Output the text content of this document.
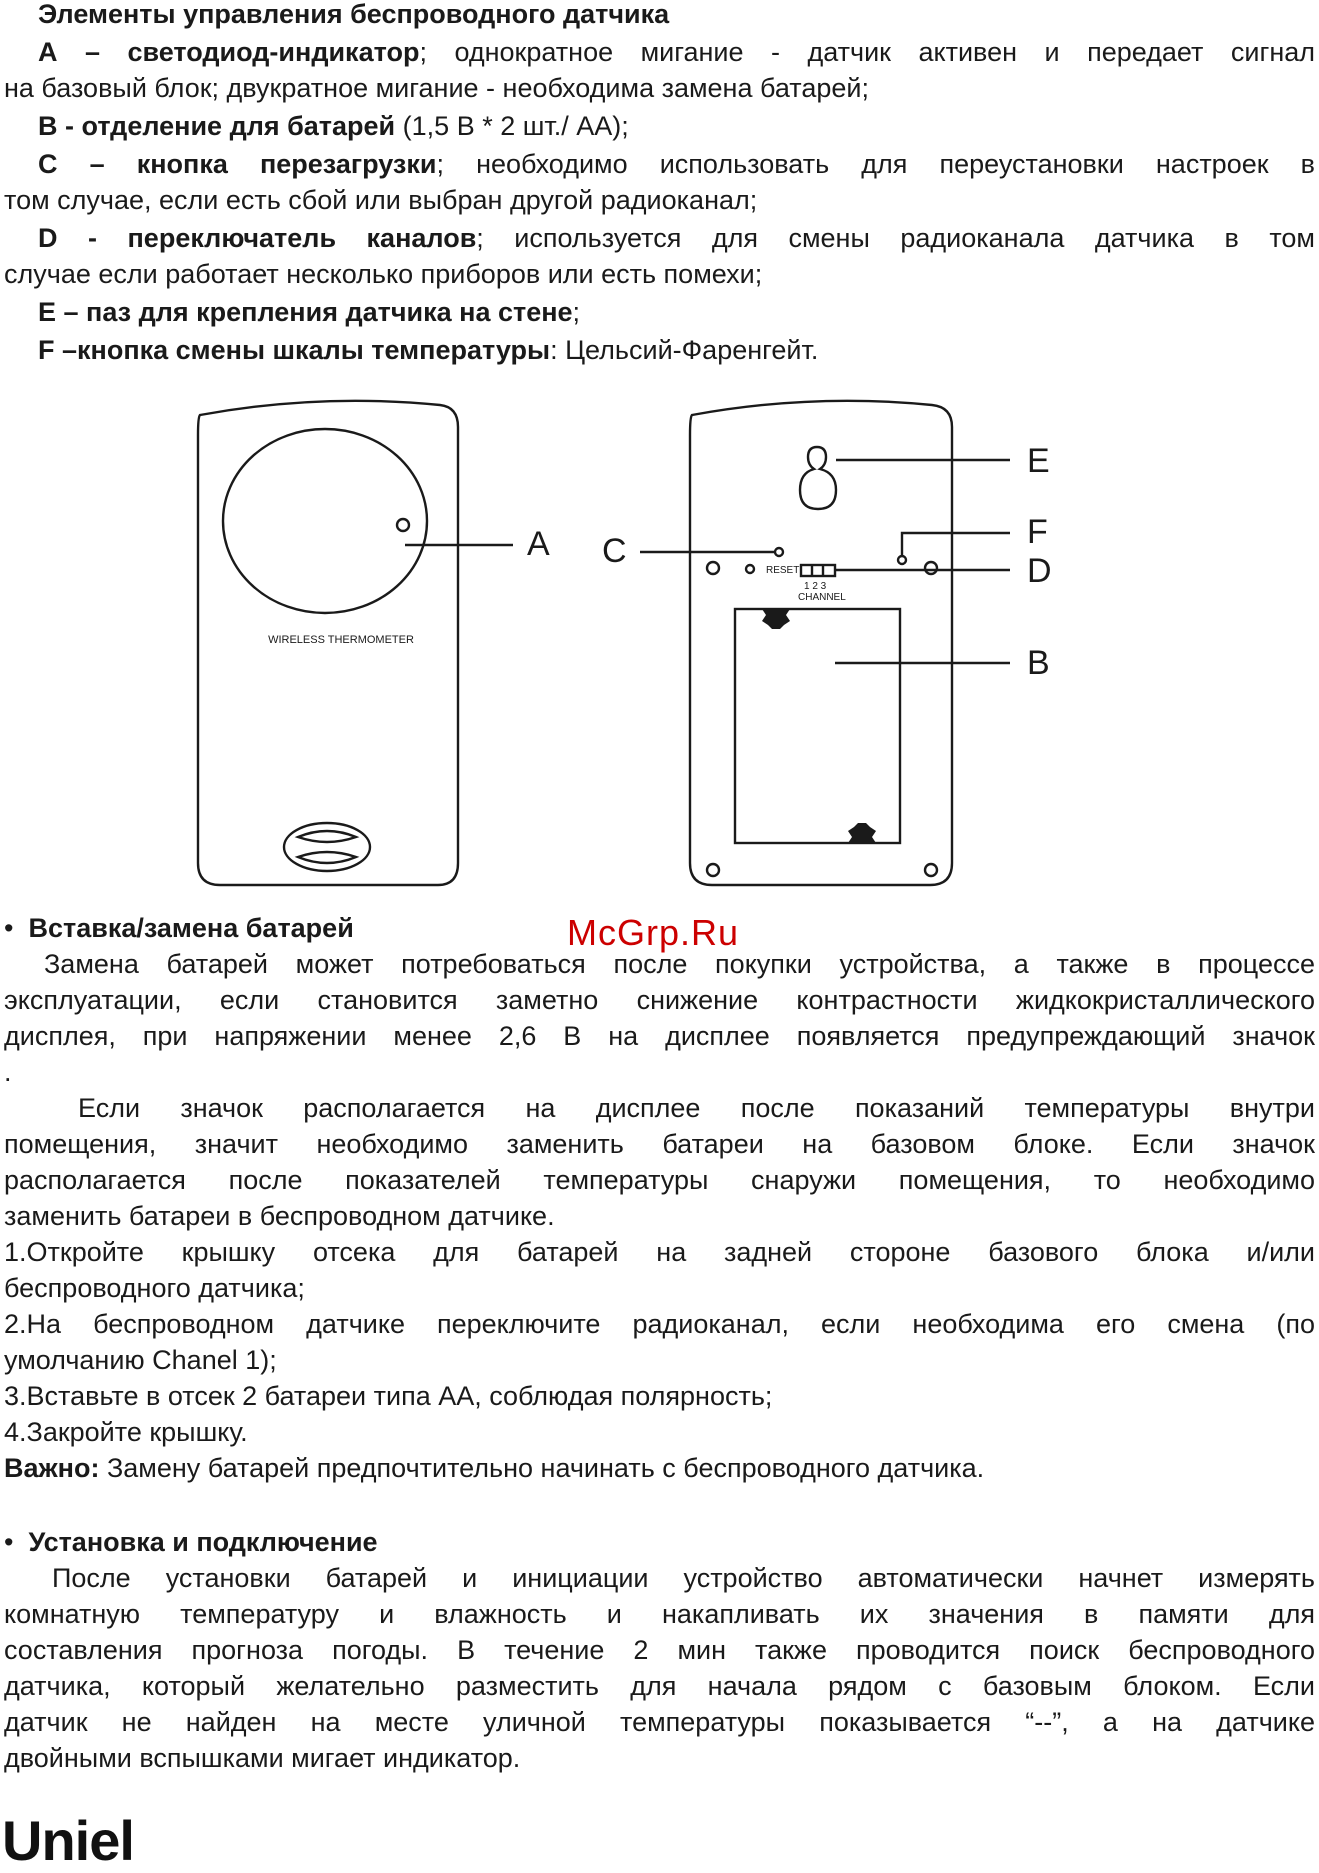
Элементы управления беспроводного датчика
А – светодиод-индикатор; однократное мигание - датчик активен и передает сигнал
на базовый блок; двукратное мигание - необходима замена батарей;
В - отделение для батарей (1,5 В * 2 шт./ АА);
С – кнопка перезагрузки; необходимо использовать для переустановки настроек в
том случае, если есть сбой или выбран другой радиоканал;
D - переключатель каналов; используется для смены радиоканала датчика в том
случае если работает несколько приборов или есть помехи;
Е – паз для крепления датчика на стене;
F –кнопка смены шкалы температуры: Цельсий-Фаренгейт.
WIRELESS THERMOMETER
RESET
1 2 3
CHANNEL
A C
E
F
D
B
McGrp.Ru
• Вставка/замена батарей
Замена батарей может потребоваться после покупки устройства, а также в процессе
эксплуатации, если становится заметно снижение контрастности жидкокристаллического
дисплея, при напряжении менее 2,6 В на дисплее появляется предупреждающий значок
.
Если значок располагается на дисплее после показаний температуры внутри
помещения, значит необходимо заменить батареи на базовом блоке. Если значок
располагается после показателей температуры снаружи помещения, то необходимо
заменить батареи в беспроводном датчике.
1.Откройте крышку отсека для батарей на задней стороне базового блока и/или
беспроводного датчика;
2.На беспроводном датчике переключите радиоканал, если необходима его смена (по
умолчанию Chanel 1);
3.Вставьте в отсек 2 батареи типа АА, соблюдая полярность;
4.Закройте крышку.
Важно: Замену батарей предпочтительно начинать с беспроводного датчика.
• Установка и подключение
После установки батарей и инициации устройство автоматически начнет измерять
комнатную температуру и влажность и накапливать их значения в памяти для
составления прогноза погоды. В течение 2 мин также проводится поиск беспроводного
датчика, который желательно разместить для начала рядом с базовым блоком. Если
датчик не найден на месте уличной температуры показывается “--”, а на датчике
двойными вспышками мигает индикатор.
Uniel
